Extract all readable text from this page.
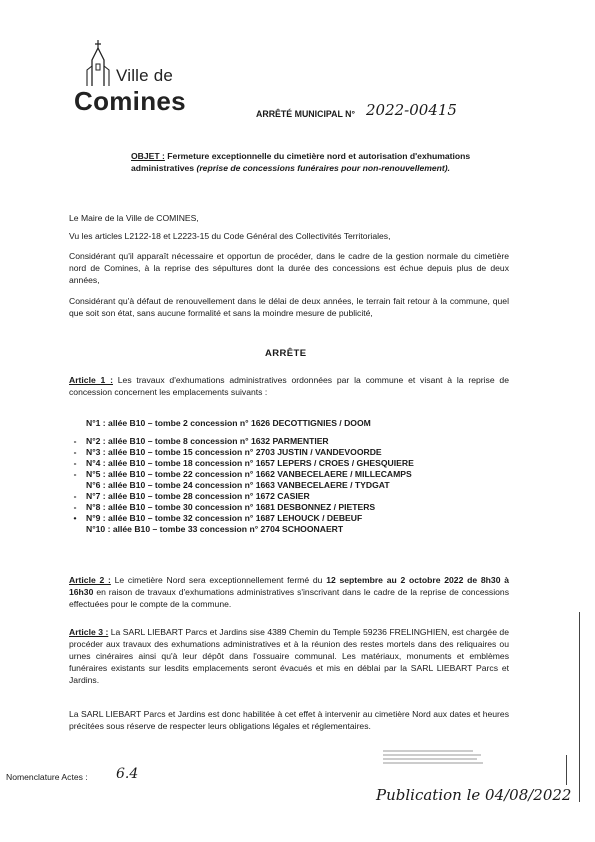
Ville de
Comines	ARRÊTÉ MUNICIPAL N° 2022-00415
OBJET : Fermeture exceptionnelle du cimetière nord et autorisation d'exhumations administratives (reprise de concessions funéraires pour non-renouvellement).
Le Maire de la Ville de COMINES,
Vu les articles L2122-18 et L2223-15 du Code Général des Collectivités Territoriales,
Considérant qu'il apparaît nécessaire et opportun de procéder, dans le cadre de la gestion normale du cimetière nord de Comines, à la reprise des sépultures dont la durée des concessions est échue depuis plus de deux années,
Considérant qu'à défaut de renouvellement dans le délai de deux années, le terrain fait retour à la commune, quel que soit son état, sans aucune formalité et sans la moindre mesure de publicité,
ARRÊTE
Article 1 : Les travaux d'exhumations administratives ordonnées par la commune et visant à la reprise de concession concernent les emplacements suivants :
N°1 : allée B10 – tombe 2 concession n° 1626 DECOTTIGNIES / DOOM
- N°2 : allée B10 – tombe 8 concession n° 1632 PARMENTIER
- N°3 : allée B10 – tombe 15 concession n° 2703 JUSTIN / VANDEVOORDE
- N°4 : allée B10 – tombe 18 concession n° 1657 LEPERS / CROES / GHESQUIERE
- N°5 : allée B10 – tombe 22 concession n° 1662 VANBECELAERE / MILLECAMPS
N°6 : allée B10 – tombe 24 concession n° 1663 VANBECELAERE / TYDGAT
- N°7 : allée B10 – tombe 28 concession n° 1672 CASIER
- N°8 : allée B10 – tombe 30 concession n° 1681 DESBONNEZ / PIETERS
• N°9 : allée B10 – tombe 32 concession n° 1687 LEHOUCK / DEBEUF
N°10 : allée B10 – tombe 33 concession n° 2704 SCHOONAERT
Article 2 : Le cimetière Nord sera exceptionnellement fermé du 12 septembre au 2 octobre 2022 de 8h30 à 16h30 en raison de travaux d'exhumations administratives s'inscrivant dans le cadre de la reprise de concessions effectuées pour le compte de la commune.
Article 3 : La SARL LIEBART Parcs et Jardins sise 4389 Chemin du Temple 59236 FRELINGHIEN, est chargée de procéder aux travaux des exhumations administratives et à la réunion des restes mortels dans des reliquaires ou urnes cinéraires ainsi qu'à leur dépôt dans l'ossuaire communal. Les matériaux, monuments et emblèmes funéraires existants sur lesdits emplacements seront évacués et mis en déblai par la SARL LIEBART Parcs et Jardins.
La SARL LIEBART Parcs et Jardins est donc habilitée à cet effet à intervenir au cimetière Nord aux dates et heures précitées sous réserve de respecter leurs obligations légales et réglementaires.
Nomenclature Actes : 6.4
Publication le 04/08/2022
